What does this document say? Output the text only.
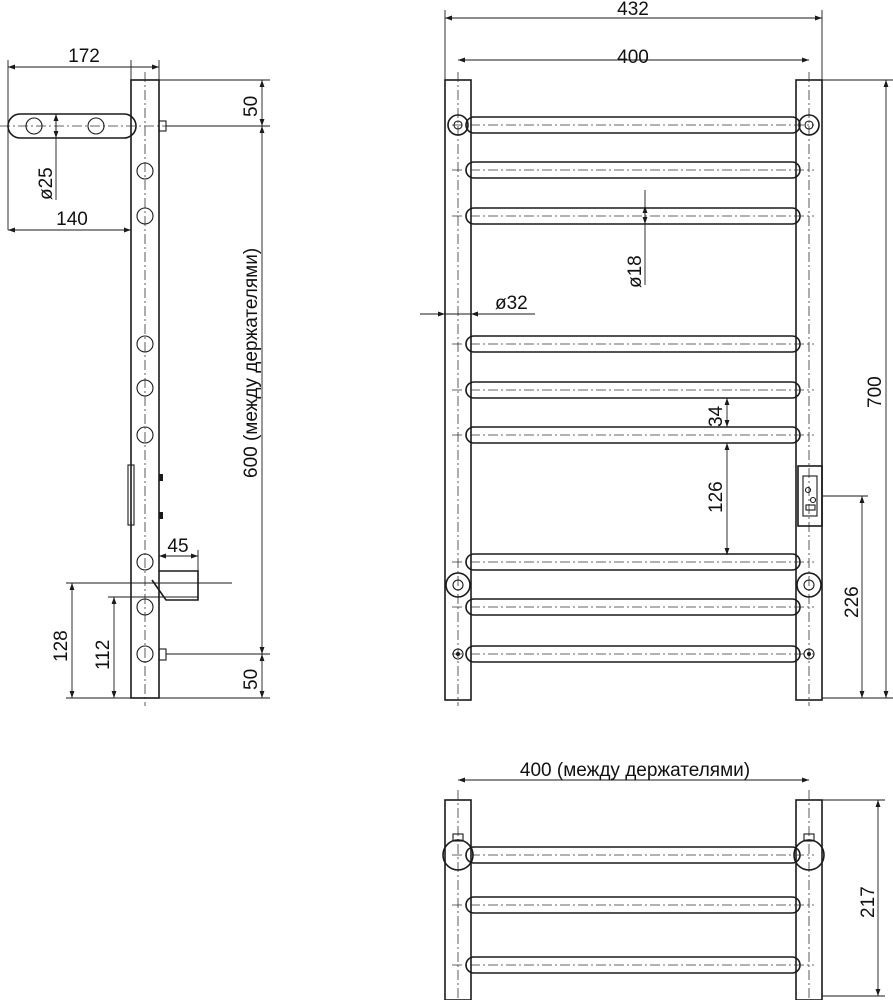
172
140
ø25
50
600 (между держателями)
50
45
128 112
432
400
ø18
ø32
700
34
126
226
400 (между держателями)
217
